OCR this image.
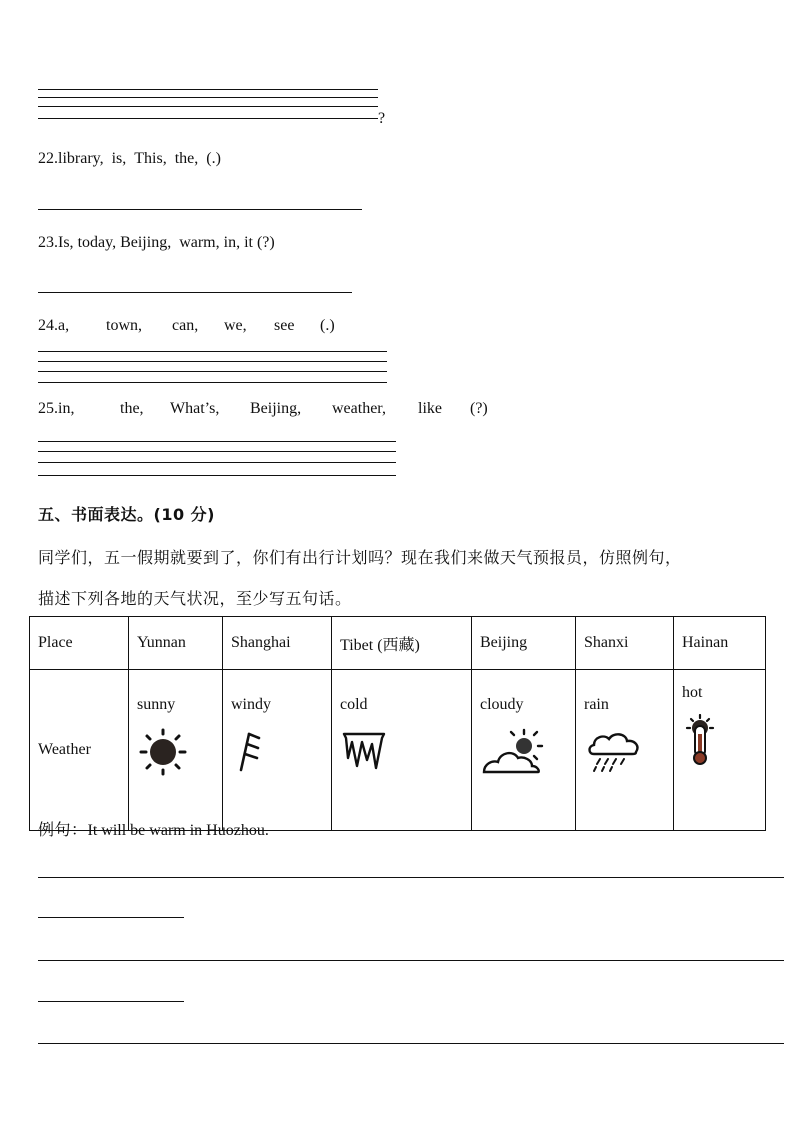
?
22.library, is, This, the, (.)
23.Is, today, Beijing, warm, in, it (?)
24.a, town, can, we, see (.)
25.in,	the, What’s, Beijing, weather, like (?)
五、书面表达。(10 分)
同学们，五一假期就要到了，你们有出行计划吗？现在我们来做天气预报员，仿照例句，
描述下列各地的天气状况，至少写五句话。
Place	Yunnan	Shanghai	Tibet (西藏)	Beijing	Shanxi	Hainan
Weather	sunny	windy	cold	cloudy	rain	hot
例句：It will be warm in Huozhou.
